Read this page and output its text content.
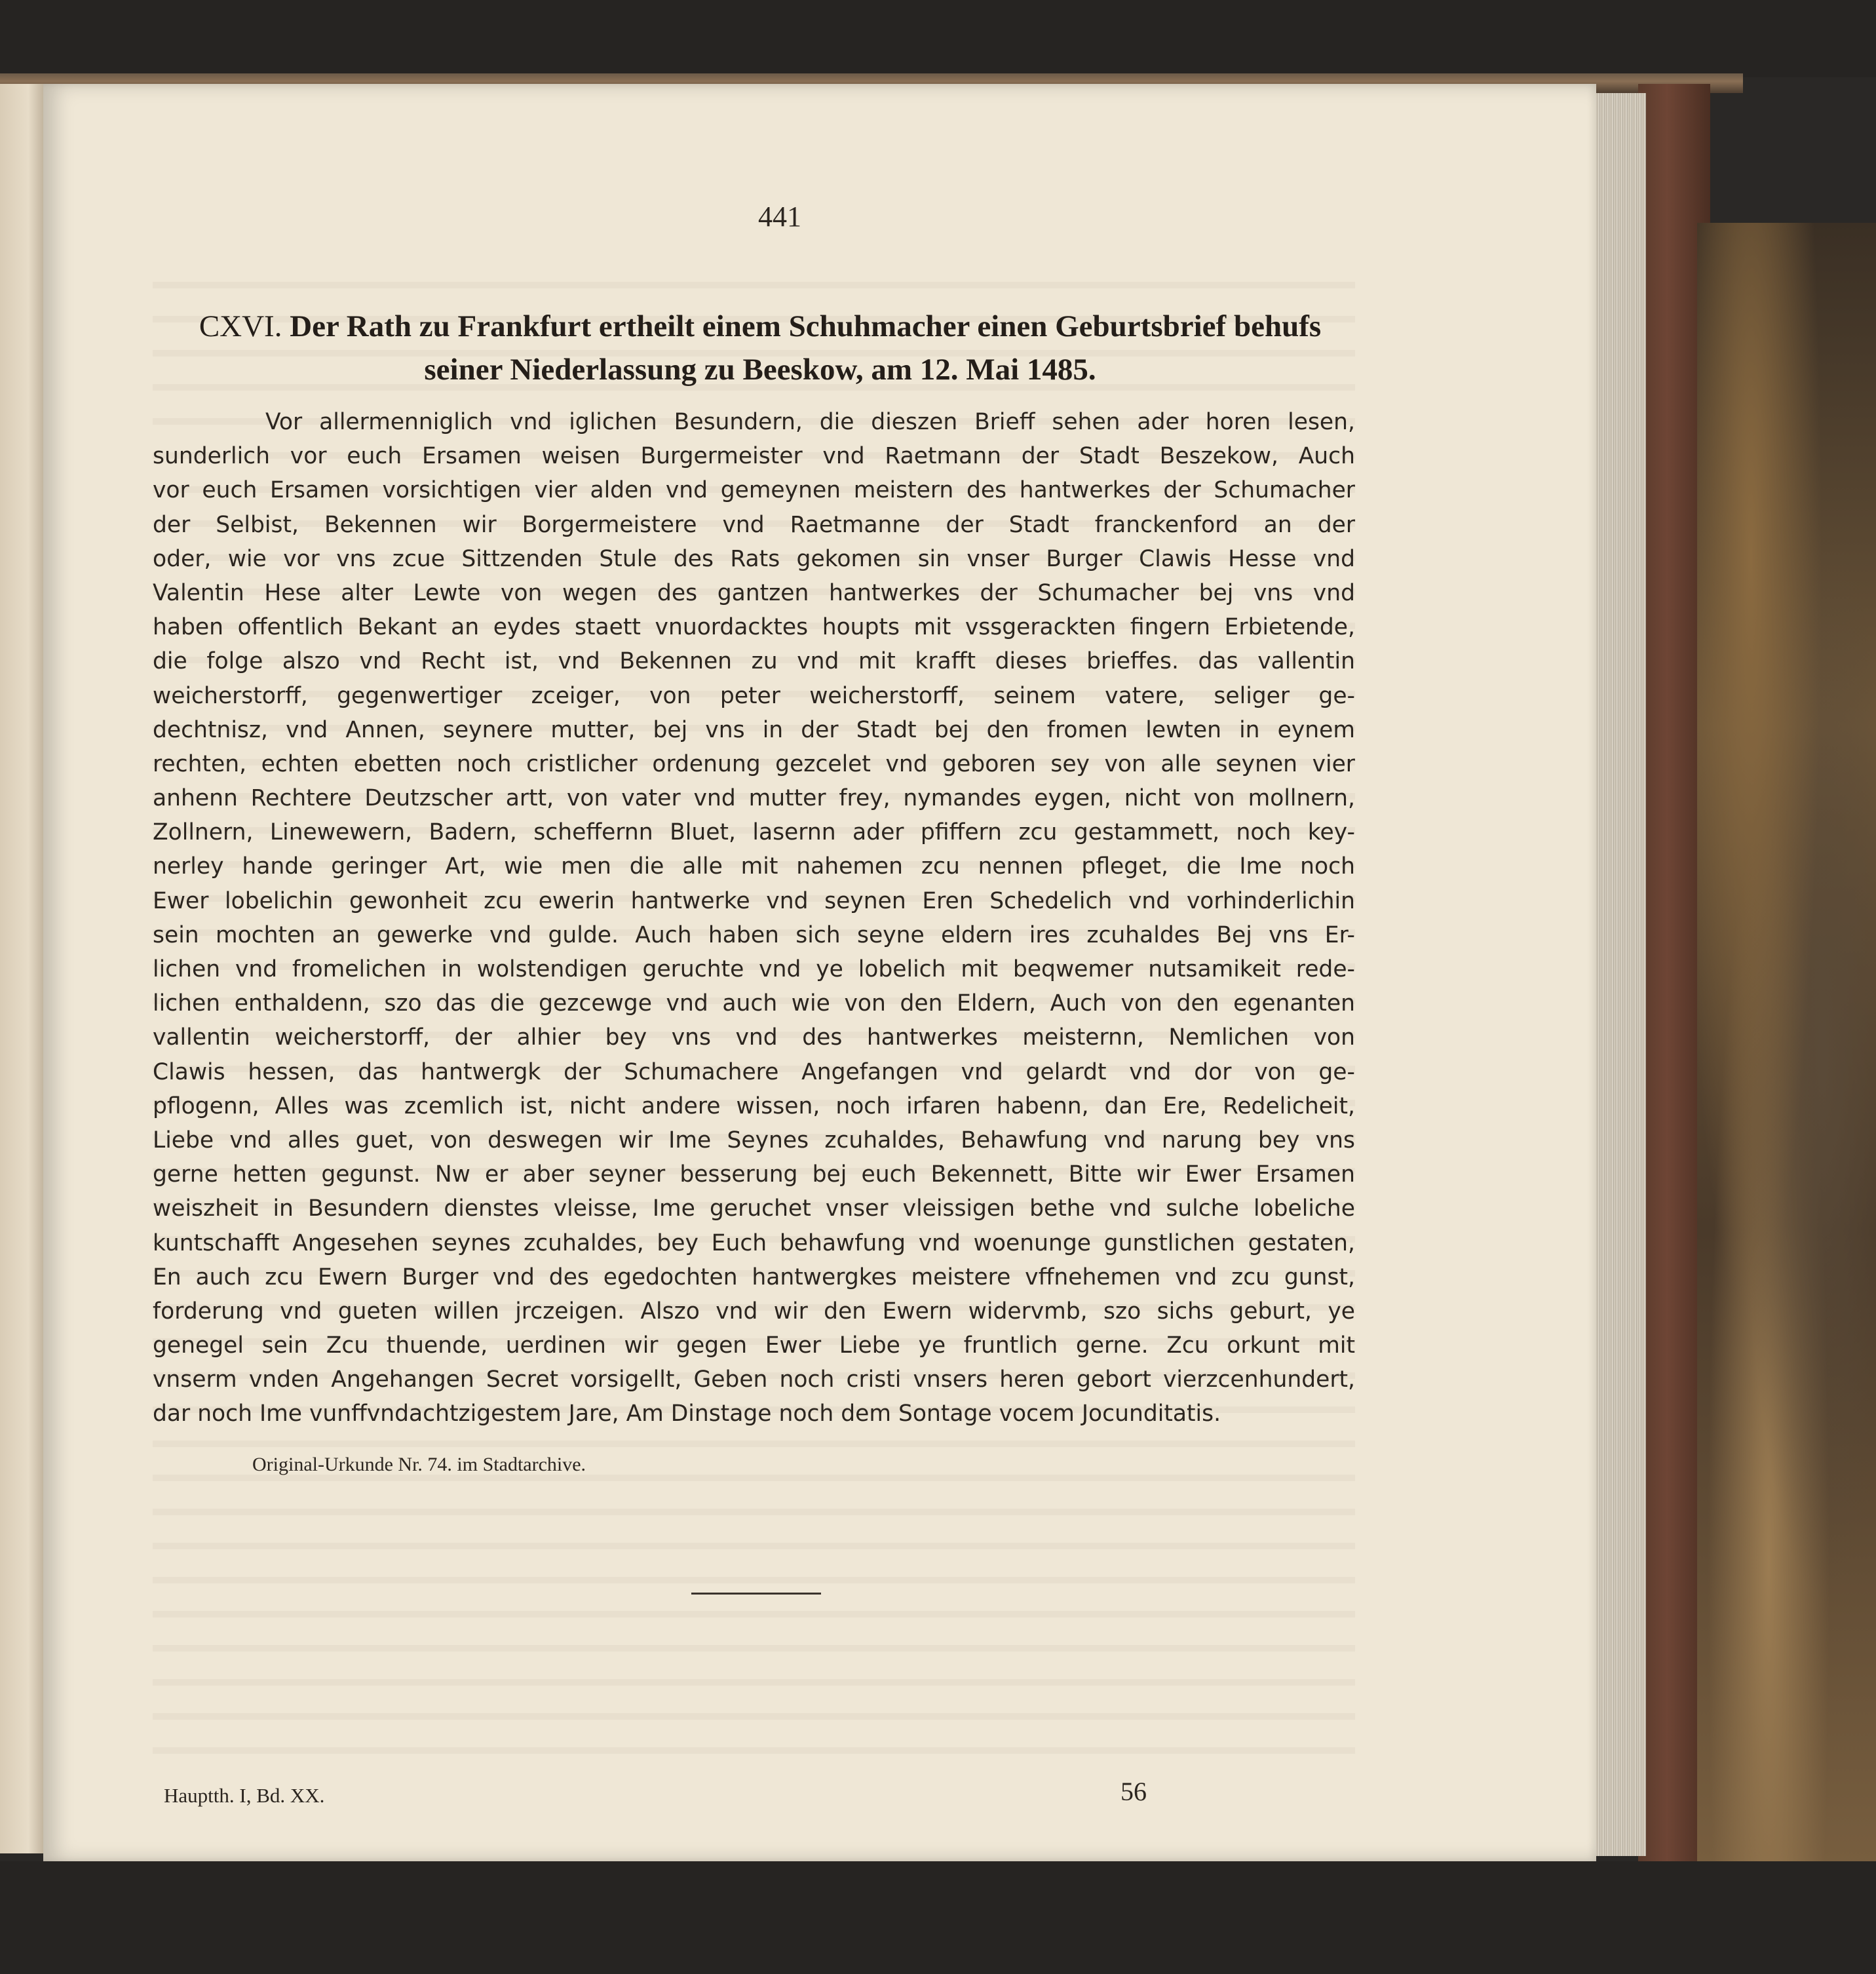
441
CXVI. Der Rath zu Frankfurt ertheilt einem Schuhmacher einen Geburtsbrief behufs seiner Niederlassung zu Beeskow, am 12. Mai 1485.
Vor allermenniglich vnd iglichen Besundern, die dieszen Brieff sehen ader horen lesen,
sunderlich vor euch Ersamen weisen Burgermeister vnd Raetmann der Stadt Beszekow, Auch
vor euch Ersamen vorsichtigen vier alden vnd gemeynen meistern des hantwerkes der Schumacher
der Selbist, Bekennen wir Borgermeistere vnd Raetmanne der Stadt franckenford an der
oder, wie vor vns zcue Sittzenden Stule des Rats gekomen sin vnser Burger Clawis Hesse vnd
Valentin Hese alter Lewte von wegen des gantzen hantwerkes der Schumacher bej vns vnd
haben offentlich Bekant an eydes staett vnuordacktes houpts mit vssgerackten fingern Erbietende,
die folge alszo vnd Recht ist, vnd Bekennen zu vnd mit krafft dieses brieffes. das vallentin
weicherstorff, gegenwertiger zceiger, von peter weicherstorff, seinem vatere, seliger ge-
dechtnisz, vnd Annen, seynere mutter, bej vns in der Stadt bej den fromen lewten in eynem
rechten, echten ebetten noch cristlicher ordenung gezcelet vnd geboren sey von alle seynen vier
anhenn Rechtere Deutzscher artt, von vater vnd mutter frey, nymandes eygen, nicht von mollnern,
Zollnern, Linewewern, Badern, scheffernn Bluet, lasernn ader pfiffern zcu gestammett, noch key-
nerley hande geringer Art, wie men die alle mit nahemen zcu nennen pfleget, die Ime noch
Ewer lobelichin gewonheit zcu ewerin hantwerke vnd seynen Eren Schedelich vnd vorhinderlichin
sein mochten an gewerke vnd gulde. Auch haben sich seyne eldern ires zcuhaldes Bej vns Er-
lichen vnd fromelichen in wolstendigen geruchte vnd ye lobelich mit beqwemer nutsamikeit rede-
lichen enthaldenn, szo das die gezcewge vnd auch wie von den Eldern, Auch von den egenanten
vallentin weicherstorff, der alhier bey vns vnd des hantwerkes meisternn, Nemlichen von
Clawis hessen, das hantwergk der Schumachere Angefangen vnd gelardt vnd dor von ge-
pflogenn, Alles was zcemlich ist, nicht andere wissen, noch irfaren habenn, dan Ere, Redelicheit,
Liebe vnd alles guet, von deswegen wir Ime Seynes zcuhaldes, Behawfung vnd narung bey vns
gerne hetten gegunst. Nw er aber seyner besserung bej euch Bekennett, Bitte wir Ewer Ersamen
weiszheit in Besundern dienstes vleisse, Ime geruchet vnser vleissigen bethe vnd sulche lobeliche
kuntschafft Angesehen seynes zcuhaldes, bey Euch behawfung vnd woenunge gunstlichen gestaten,
En auch zcu Ewern Burger vnd des egedochten hantwergkes meistere vffnehemen vnd zcu gunst,
forderung vnd gueten willen jrczeigen. Alszo vnd wir den Ewern widervmb, szo sichs geburt, ye
genegel sein Zcu thuende, uerdinen wir gegen Ewer Liebe ye fruntlich gerne. Zcu orkunt mit
vnserm vnden Angehangen Secret vorsigellt, Geben noch cristi vnsers heren gebort vierzcenhundert,
dar noch Ime vunffvndachtzigestem Jare, Am Dinstage noch dem Sontage vocem Jocunditatis.
Original-Urkunde Nr. 74. im Stadtarchive.
Hauptth. I, Bd. XX.	56
